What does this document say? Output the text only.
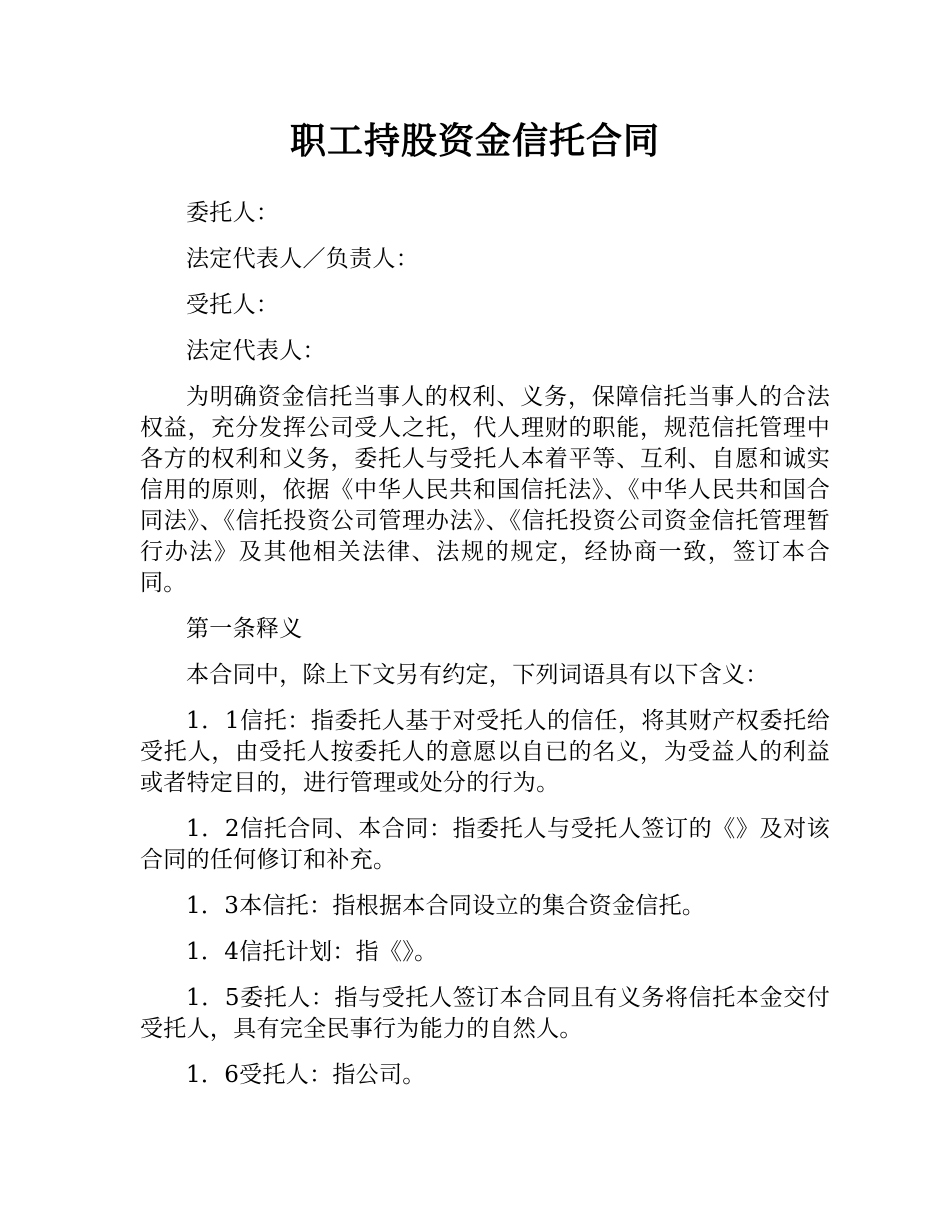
职工持股资金信托合同

委托人：

法定代表人／负责人：

受托人：

法定代表人：

为明确资金信托当事人的权利、义务，保障信托当事人的合法权益，充分发挥公司受人之托，代人理财的职能，规范信托管理中各方的权利和义务，委托人与受托人本着平等、互利、自愿和诚实信用的原则，依据《中华人民共和国信托法》、《中华人民共和国合同法》、《信托投资公司管理办法》、《信托投资公司资金信托管理暂行办法》及其他相关法律、法规的规定，经协商一致，签订本合同。

第一条释义

本合同中，除上下文另有约定，下列词语具有以下含义：

1．1信托：指委托人基于对受托人的信任，将其财产权委托给受托人，由受托人按委托人的意愿以自已的名义，为受益人的利益或者特定目的，进行管理或处分的行为。

1．2信托合同、本合同：指委托人与受托人签订的《》及对该合同的任何修订和补充。

1．3本信托：指根据本合同设立的集合资金信托。

1．4信托计划：指《》。

1．5委托人：指与受托人签订本合同且有义务将信托本金交付受托人，具有完全民事行为能力的自然人。

1．6受托人：指公司。
